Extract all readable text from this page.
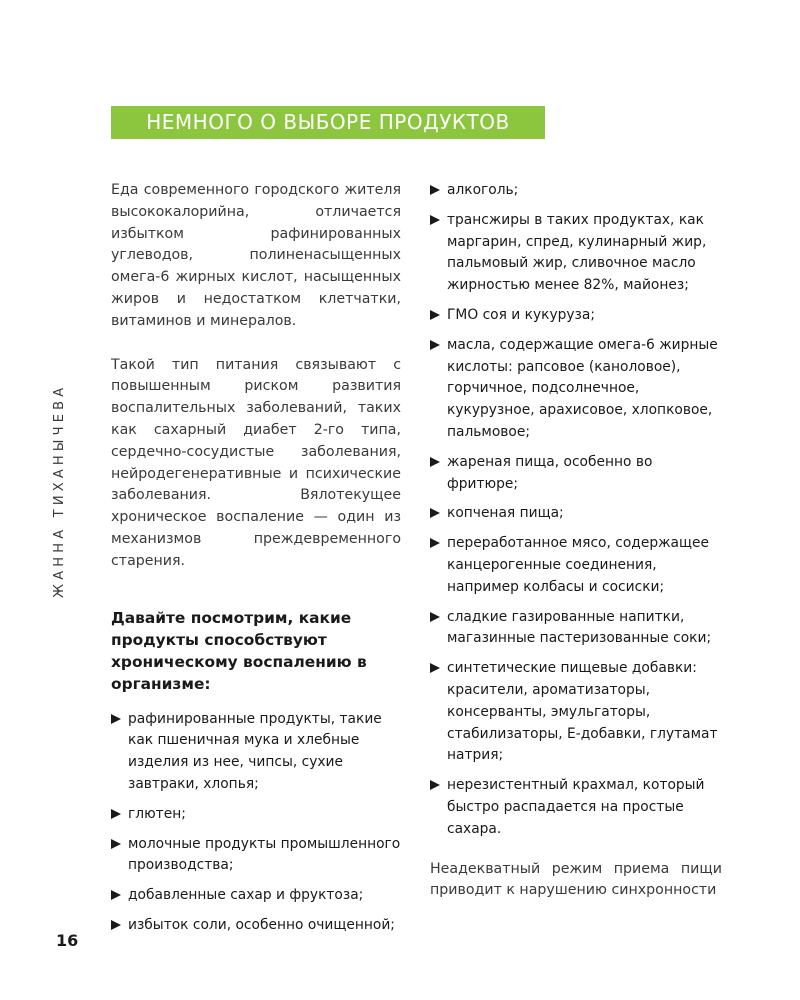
НЕМНОГО О ВЫБОРЕ ПРОДУКТОВ
ЖАННА ТИХАНЫЧЕВА

Еда современного городского жителя высококалорийна, отличается избытком рафинированных углеводов, полиненасыщенных омега-6 жирных кислот, насыщенных жиров и недостатком клетчатки, витаминов и минералов.

Такой тип питания связывают с повышенным риском развития воспалительных заболеваний, таких как сахарный диабет 2-го типа, сердечно-сосудистые заболевания, нейродегенеративные и психические заболевания. Вялотекущее хроническое воспаление — один из механизмов преждевременного старения.

Давайте посмотрим, какие продукты способствуют хроническому воспалению в организме:
рафинированные продукты, такие как пшеничная мука и хлебные изделия из нее, чипсы, сухие завтраки, хлопья;
глютен;
молочные продукты промышленного производства;
добавленные сахар и фруктоза;
избыток соли, особенно очищенной;
алкоголь;
трансжиры в таких продуктах, как маргарин, спред, кулинарный жир, пальмовый жир, сливочное масло жирностью менее 82%, майонез;
ГМО соя и кукуруза;
масла, содержащие омега-6 жирные кислоты: рапсовое (каноловое), горчичное, подсолнечное, кукурузное, арахисовое, хлопковое, пальмовое;
жареная пища, особенно во фритюре;
копченая пища;
переработанное мясо, содержащее канцерогенные соединения, например колбасы и сосиски;
сладкие газированные напитки, магазинные пастеризованные соки;
синтетические пищевые добавки: красители, ароматизаторы, консерванты, эмульгаторы, стабилизаторы, Е-добавки, глутамат натрия;
нерезистентный крахмал, который быстро распадается на простые сахара.

Неадекватный режим приема пищи приводит к нарушению синхронности

16
